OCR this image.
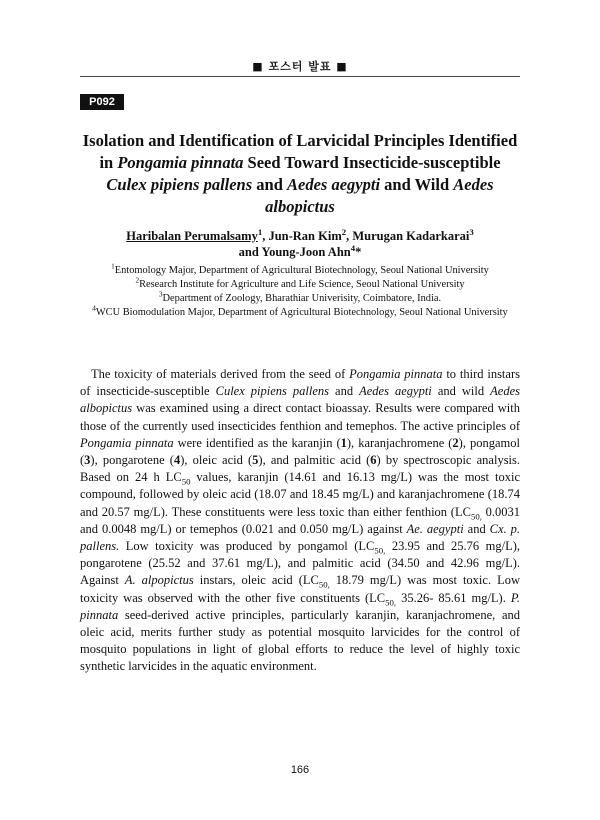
■ 포스터 발표 ■
P092
Isolation and Identification of Larvicidal Principles Identified in Pongamia pinnata Seed Toward Insecticide-susceptible Culex pipiens pallens and Aedes aegypti and Wild Aedes albopictus
Haribalan Perumalsamy$^1$, Jun-Ran Kim$^2$, Murugan Kadarkarai$^3$
and Young-Joon Ahn$^4$*
$^1$Entomology Major, Department of Agricultural Biotechnology, Seoul National University
$^2$Research Institute for Agriculture and Life Science, Seoul National University
$^3$Department of Zoology, Bharathiar Univerisity, Coimbatore, India.
$^4$WCU Biomodulation Major, Department of Agricultural Biotechnology, Seoul National University

The toxicity of materials derived from the seed of Pongamia pinnata to third instars of insecticide-susceptible Culex pipiens pallens and Aedes aegypti and wild Aedes albopictus was examined using a direct contact bioassay. Results were compared with those of the currently used insecticides fenthion and temephos. The active principles of Pongamia pinnata were identified as the karanjin (1), karanjachromene (2), pongamol (3), pongarotene (4), oleic acid (5), and palmitic acid (6) by spectroscopic analysis. Based on 24 h $LC_{50}$ values, karanjin (14.61 and 16.13 mg/L) was the most toxic compound, followed by oleic acid (18.07 and 18.45 mg/L) and karanjachromene (18.74 and 20.57 mg/L). These constituents were less toxic than either fenthion ($LC_{50,}$ 0.0031 and 0.0048 mg/L) or temephos (0.021 and 0.050 mg/L) against Ae. aegypti and Cx. p. pallens. Low toxicity was produced by pongamol ($LC_{50,}$ 23.95 and 25.76 mg/L), pongarotene (25.52 and 37.61 mg/L), and palmitic acid (34.50 and 42.96 mg/L). Against A. alpopictus instars, oleic acid ($LC_{50,}$ 18.79 mg/L) was most toxic. Low toxicity was observed with the other five constituents ($LC_{50,}$ 35.26- 85.61 mg/L). P. pinnata seed-derived active principles, particularly karanjin, karanjachromene, and oleic acid, merits further study as potential mosquito larvicides for the control of mosquito populations in light of global efforts to reduce the level of highly toxic synthetic larvicides in the aquatic environment.

166
